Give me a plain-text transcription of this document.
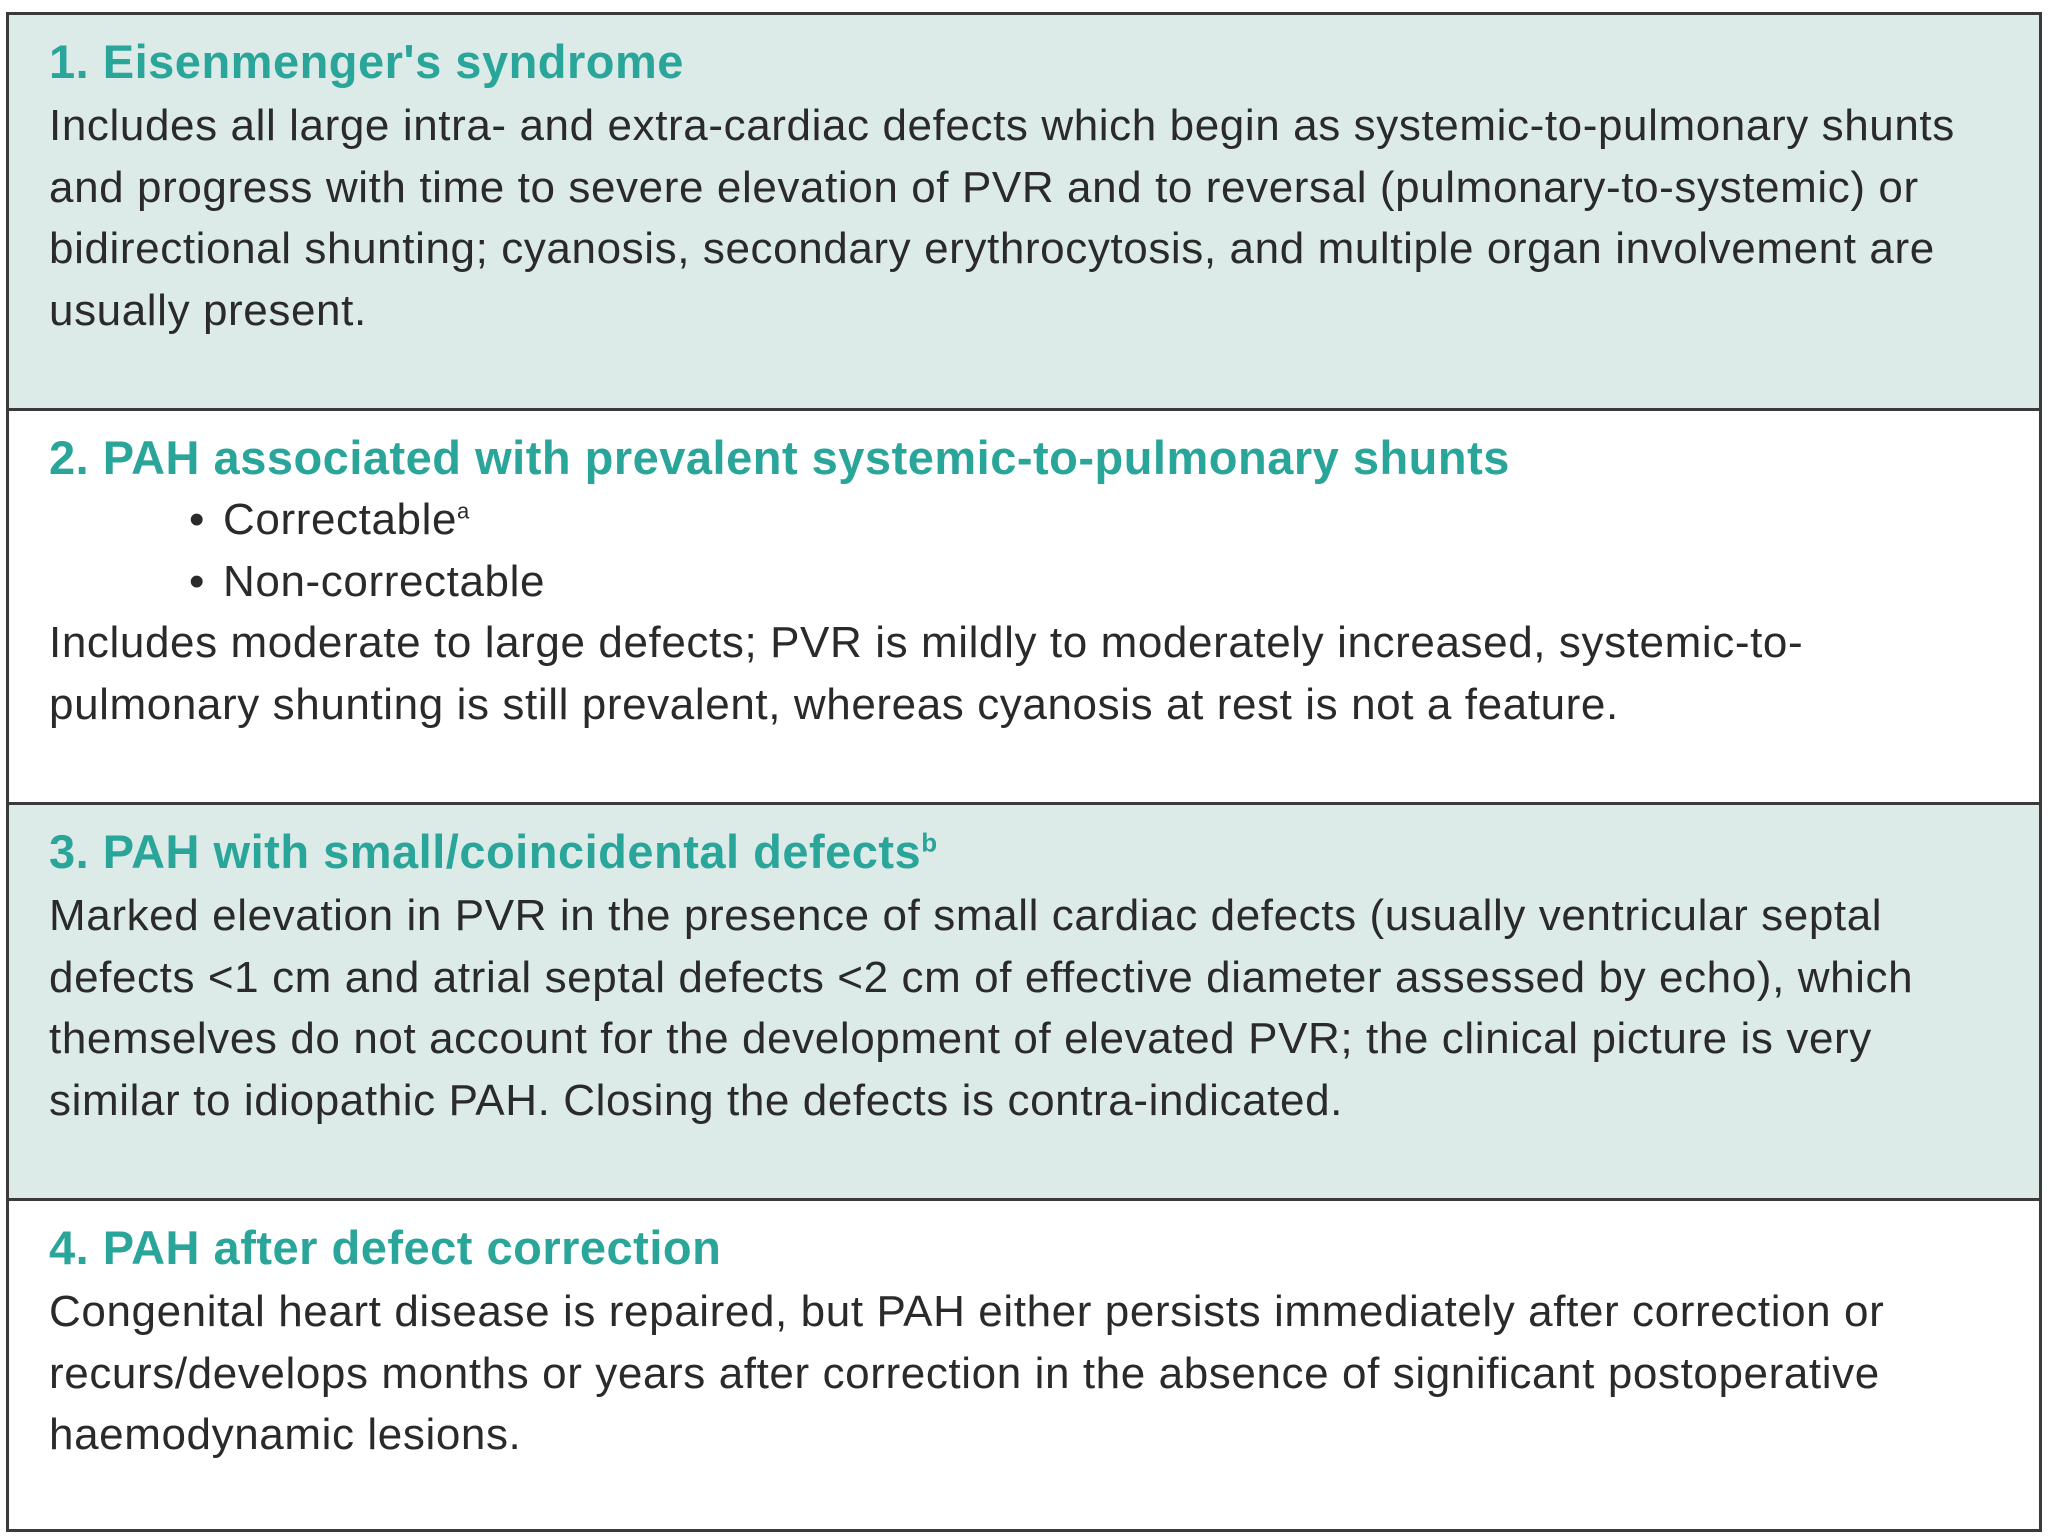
1. Eisenmenger's syndrome

Includes all large intra- and extra-cardiac defects which begin as systemic-to-pulmonary shunts and progress with time to severe elevation of PVR and to reversal (pulmonary-to-systemic) or bidirectional shunting; cyanosis, secondary erythrocytosis, and multiple organ involvement are usually present.

2. PAH associated with prevalent systemic-to-pulmonary shunts
• Correctable$^a$
• Non-correctable

Includes moderate to large defects; PVR is mildly to moderately increased, systemic-to-pulmonary shunting is still prevalent, whereas cyanosis at rest is not a feature.

3. PAH with small/coincidental defects$^b$

Marked elevation in PVR in the presence of small cardiac defects (usually ventricular septal defects <1 cm and atrial septal defects <2 cm of effective diameter assessed by echo), which themselves do not account for the development of elevated PVR; the clinical picture is very similar to idiopathic PAH. Closing the defects is contra-indicated.

4. PAH after defect correction

Congenital heart disease is repaired, but PAH either persists immediately after correction or recurs/develops months or years after correction in the absence of significant postoperative haemodynamic lesions.
